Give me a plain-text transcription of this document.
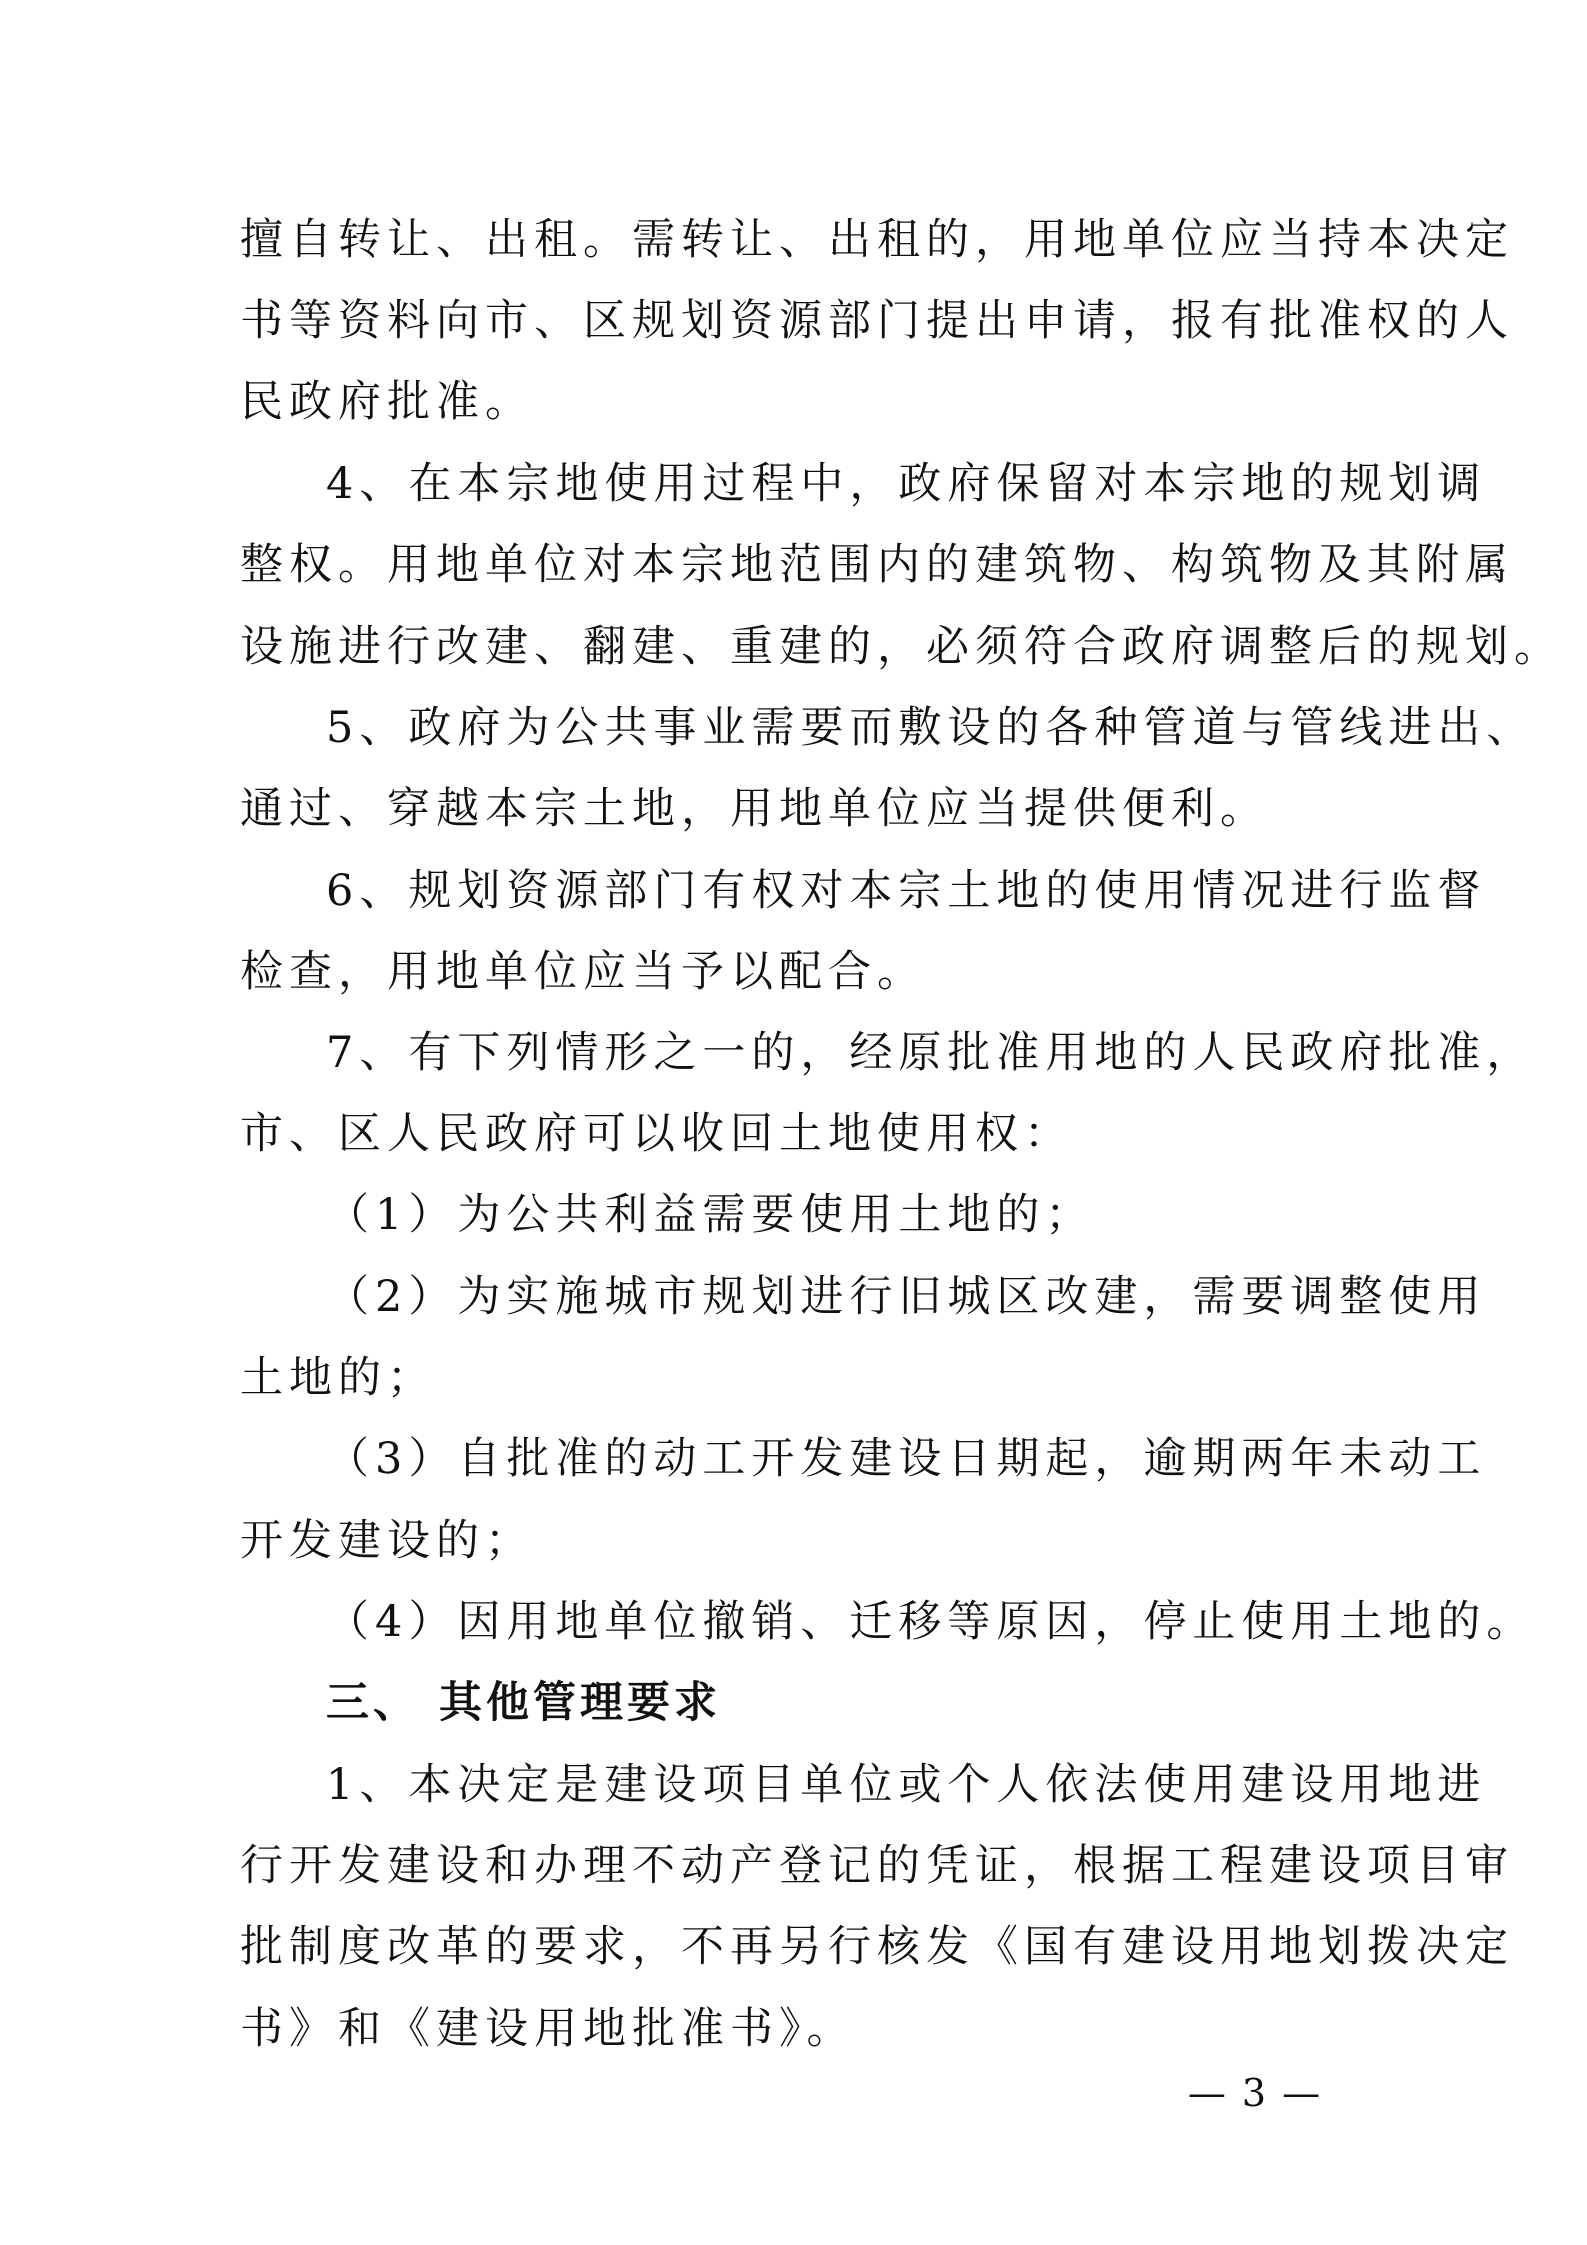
擅自转让、出租。需转让、出租的，用地单位应当持本决定
书等资料向市、区规划资源部门提出申请，报有批准权的人
民政府批准。
4、在本宗地使用过程中，政府保留对本宗地的规划调
整权。用地单位对本宗地范围内的建筑物、构筑物及其附属
设施进行改建、翻建、重建的，必须符合政府调整后的规划。
5、政府为公共事业需要而敷设的各种管道与管线进出、
通过、穿越本宗土地，用地单位应当提供便利。
6、规划资源部门有权对本宗土地的使用情况进行监督
检查，用地单位应当予以配合。
7、有下列情形之一的，经原批准用地的人民政府批准，
市、区人民政府可以收回土地使用权：
（1）为公共利益需要使用土地的；
（2）为实施城市规划进行旧城区改建，需要调整使用
土地的；
（3）自批准的动工开发建设日期起，逾期两年未动工
开发建设的；
（4）因用地单位撤销、迁移等原因，停止使用土地的。
三、 其他管理要求
1、本决定是建设项目单位或个人依法使用建设用地进
行开发建设和办理不动产登记的凭证，根据工程建设项目审
批制度改革的要求，不再另行核发《国有建设用地划拨决定
书》和《建设用地批准书》。
— 3 —
